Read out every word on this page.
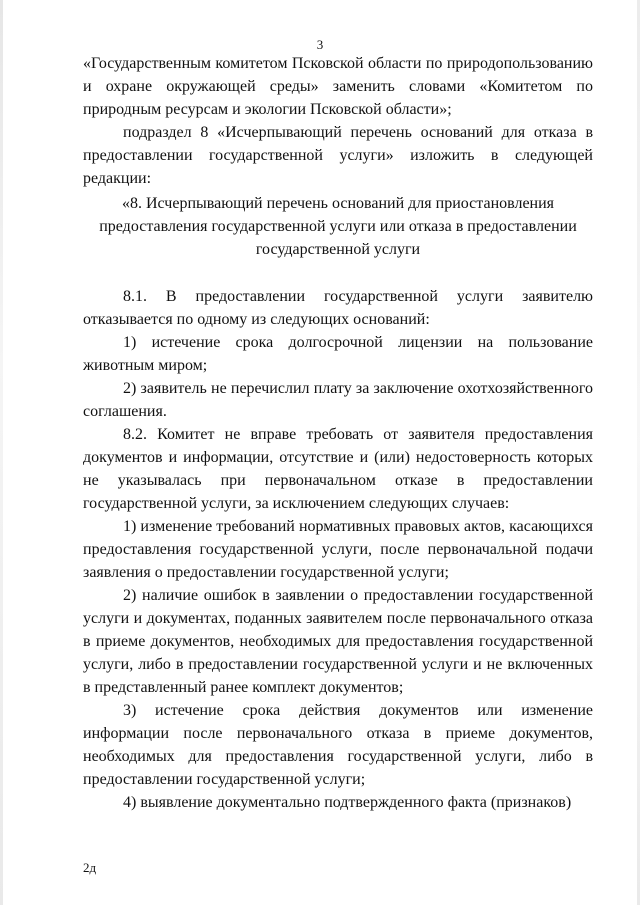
3

«Государственным комитетом Псковской области по природопользованию и охране окружающей среды» заменить словами «Комитетом по природным ресурсам и экологии Псковской области»;

подраздел 8 «Исчерпывающий перечень оснований для отказа в предоставлении государственной услуги» изложить в следующей редакции:

«8. Исчерпывающий перечень оснований для приостановления предоставления государственной услуги или отказа в предоставлении государственной услуги

8.1. В предоставлении государственной услуги заявителю отказывается по одному из следующих оснований:

1) истечение срока долгосрочной лицензии на пользование животным миром;

2) заявитель не перечислил плату за заключение охотхозяйственного соглашения.

8.2. Комитет не вправе требовать от заявителя предоставления документов и информации, отсутствие и (или) недостоверность которых не указывалась при первоначальном отказе в предоставлении государственной услуги, за исключением следующих случаев:

1) изменение требований нормативных правовых актов, касающихся предоставления государственной услуги, после первоначальной подачи заявления о предоставлении государственной услуги;

2) наличие ошибок в заявлении о предоставлении государственной услуги и документах, поданных заявителем после первоначального отказа в приеме документов, необходимых для предоставления государственной услуги, либо в предоставлении государственной услуги и не включенных в представленный ранее комплект документов;

3) истечение срока действия документов или изменение информации после первоначального отказа в приеме документов, необходимых для предоставления государственной услуги, либо в предоставлении государственной услуги;

4) выявление документально подтвержденного факта (признаков)

2д
